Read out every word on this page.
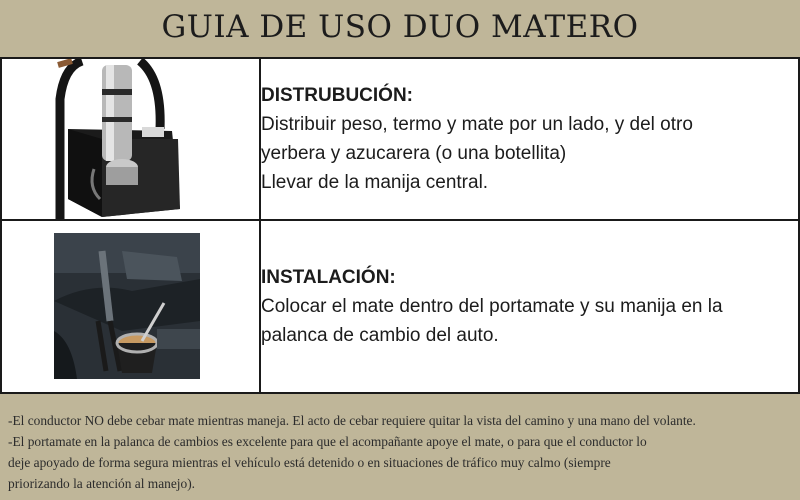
GUIA DE USO DUO MATERO

DISTRUBUCIÓN:
Distribuir peso, termo y mate por un lado, y del otro
yerbera y azucarera (o una botellita)
Llevar de la manija central.

INSTALACIÓN:
Colocar el mate dentro del portamate y su manija en la
palanca de cambio del auto.
-El conductor NO debe cebar mate mientras maneja. El acto de cebar requiere quitar la vista del camino y una mano del volante.
-El portamate en la palanca de cambios es excelente para que el acompañante apoye el mate, o para que el conductor lo
deje apoyado de forma segura mientras el vehículo está detenido o en situaciones de tráfico muy calmo (siempre
priorizando la atención al manejo).
